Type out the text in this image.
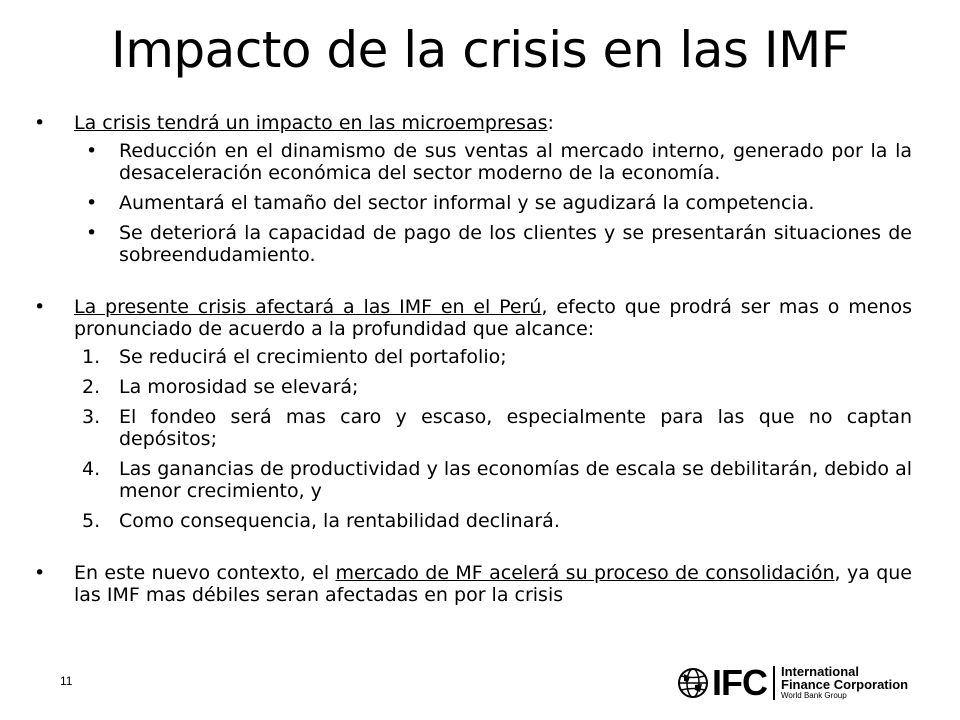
Impacto de la crisis en las IMF
•	La crisis tendrá un impacto en las microempresas:
• Reducción en el dinamismo de sus ventas al mercado interno, generado por la la desaceleración económica del sector moderno de la economía.
• Aumentará el tamaño del sector informal y se agudizará la competencia.
• Se deteriorá la capacidad de pago de los clientes y se presentarán situaciones de sobreendudamiento.
•	La presente crisis afectará a las IMF en el Perú, efecto que prodrá ser mas o menos pronunciado de acuerdo a la profundidad que alcance:
1. Se reducirá el crecimiento del portafolio;
2. La morosidad se elevará;
3. El fondeo será mas caro y escaso, especialmente para las que no captan depósitos;
4. Las ganancias de productividad y las economías de escala se debilitarán, debido al menor crecimiento, y
5. Como consequencia, la rentabilidad declinará.
•	En este nuevo contexto, el mercado de MF acelerá su proceso de consolidación, ya que las IMF mas débiles seran afectadas en por la crisis
11	IFC International
Finance Corporation
World Bank Group
